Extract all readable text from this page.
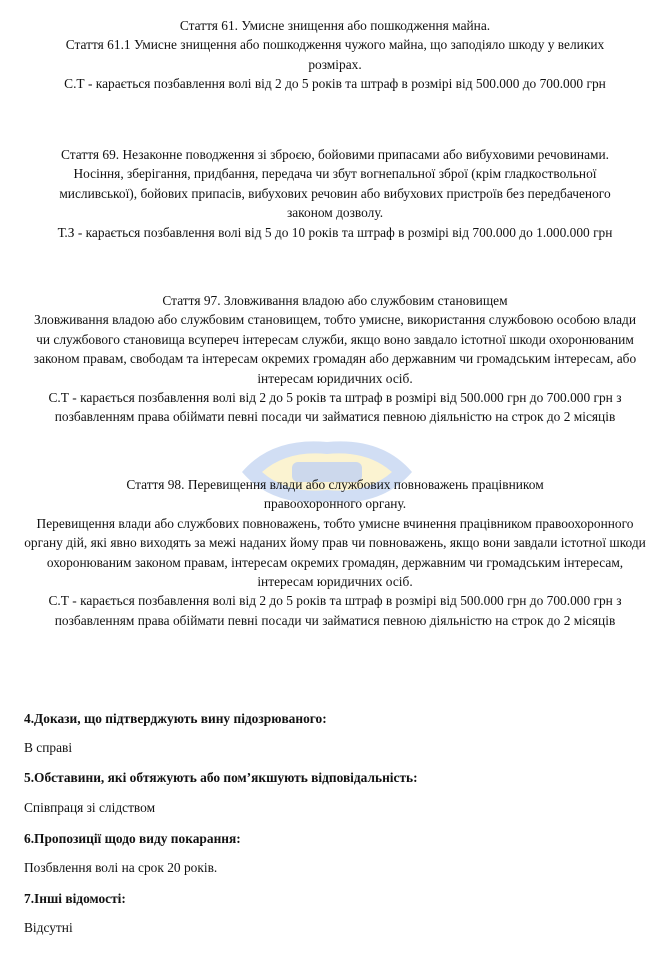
Стаття 61. Умисне знищення або пошкодження майна.

Стаття 61.1 Умисне знищення або пошкодження чужого майна, що заподіяло шкоду у великих розмірах.

С.Т - карається позбавлення волі від 2 до 5 років та штраф в розмірі від 500.000 до 700.000 грн

Стаття 69. Незаконне поводження зі зброєю, бойовими припасами або вибуховими речовинами.

Носіння, зберігання, придбання, передача чи збут вогнепальної зброї (крім гладкоствольної мисливської), бойових припасів, вибухових речовин або вибухових пристроїв без передбаченого законом дозволу.

Т.З - карається позбавлення волі від 5 до 10 років та штраф в розмірі від 700.000 до 1.000.000 грн

Стаття 97. Зловживання владою або службовим становищем

Зловживання владою або службовим становищем, тобто умисне, використання службовою особою влади чи службового становища всупереч інтересам служби, якщо воно завдало істотної шкоди охоронюваним законом правам, свободам та інтересам окремих громадян або державним чи громадським інтересам, або інтересам юридичних осіб.

С.Т - карається позбавлення волі від 2 до 5 років та штраф в розмірі від 500.000 грн до 700.000 грн з позбавленням права обіймати певні посади чи займатися певною діяльністю на строк до 2 місяців

Стаття 98. Перевищення влади або службових повноважень працівником правоохоронного органу.

Перевищення влади або службових повноважень, тобто умисне вчинення працівником правоохоронного органу дій, які явно виходять за межі наданих йому прав чи повноважень, якщо вони завдали істотної шкоди охоронюваним законом правам, інтересам окремих громадян, державним чи громадським інтересам, інтересам юридичних осіб.

С.Т - карається позбавлення волі від 2 до 5 років та штраф в розмірі від 500.000 грн до 700.000 грн з позбавленням права обіймати певні посади чи займатися певною діяльністю на строк до 2 місяців

4.Докази, що підтверджують вину підозрюваного:

В справі

5.Обставини, які обтяжують або пом’якшують відповідальність:

Співпраця зі слідством

6.Пропозиції щодо виду покарання:

Позбвлення волі на срок 20 років.

7.Інші відомості:

Відсутні
